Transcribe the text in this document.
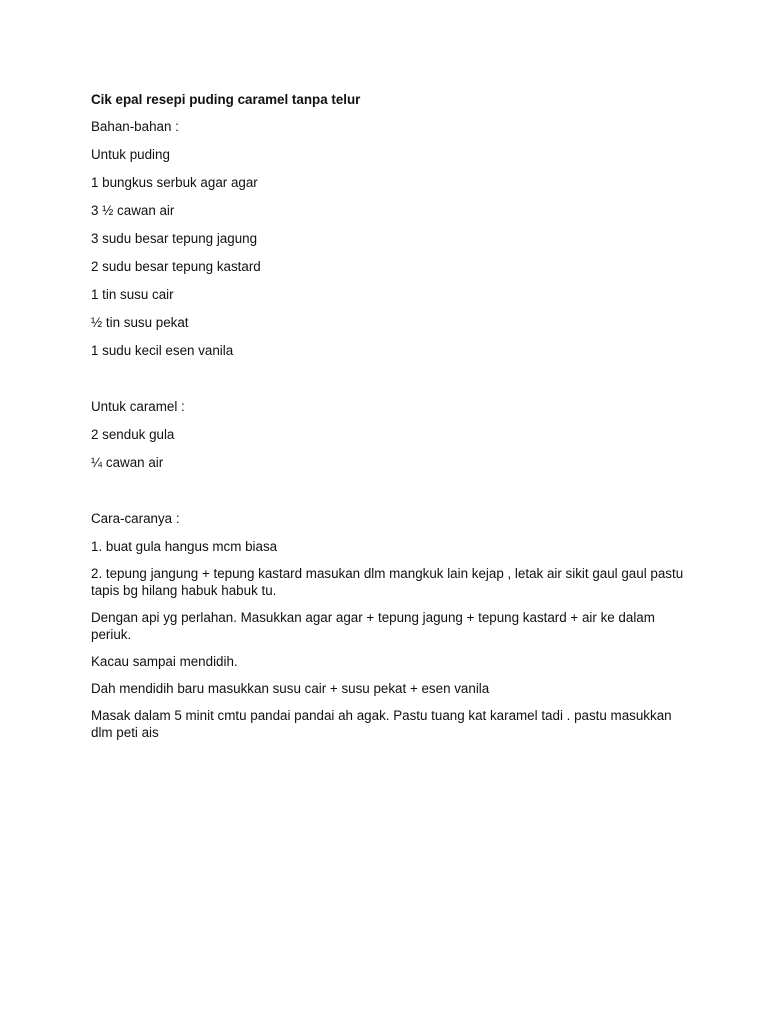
Cik epal resepi puding caramel tanpa telur
Bahan-bahan :
Untuk puding
1 bungkus serbuk agar agar
3 ½ cawan air
3 sudu besar tepung jagung
2 sudu besar tepung kastard
1 tin susu cair
½ tin susu pekat
1 sudu kecil esen vanila
Untuk caramel :
2 senduk gula
¼ cawan air
Cara-caranya :
1. buat gula hangus mcm biasa
2. tepung jangung + tepung kastard masukan dlm mangkuk lain kejap , letak air sikit gaul gaul pastu tapis bg hilang habuk habuk tu.
Dengan api yg perlahan. Masukkan agar agar + tepung jagung + tepung kastard + air ke dalam periuk.
Kacau sampai mendidih.
Dah mendidih baru masukkan susu cair + susu pekat + esen vanila
Masak dalam 5 minit cmtu pandai pandai ah agak. Pastu tuang kat karamel tadi . pastu masukkan dlm peti ais
